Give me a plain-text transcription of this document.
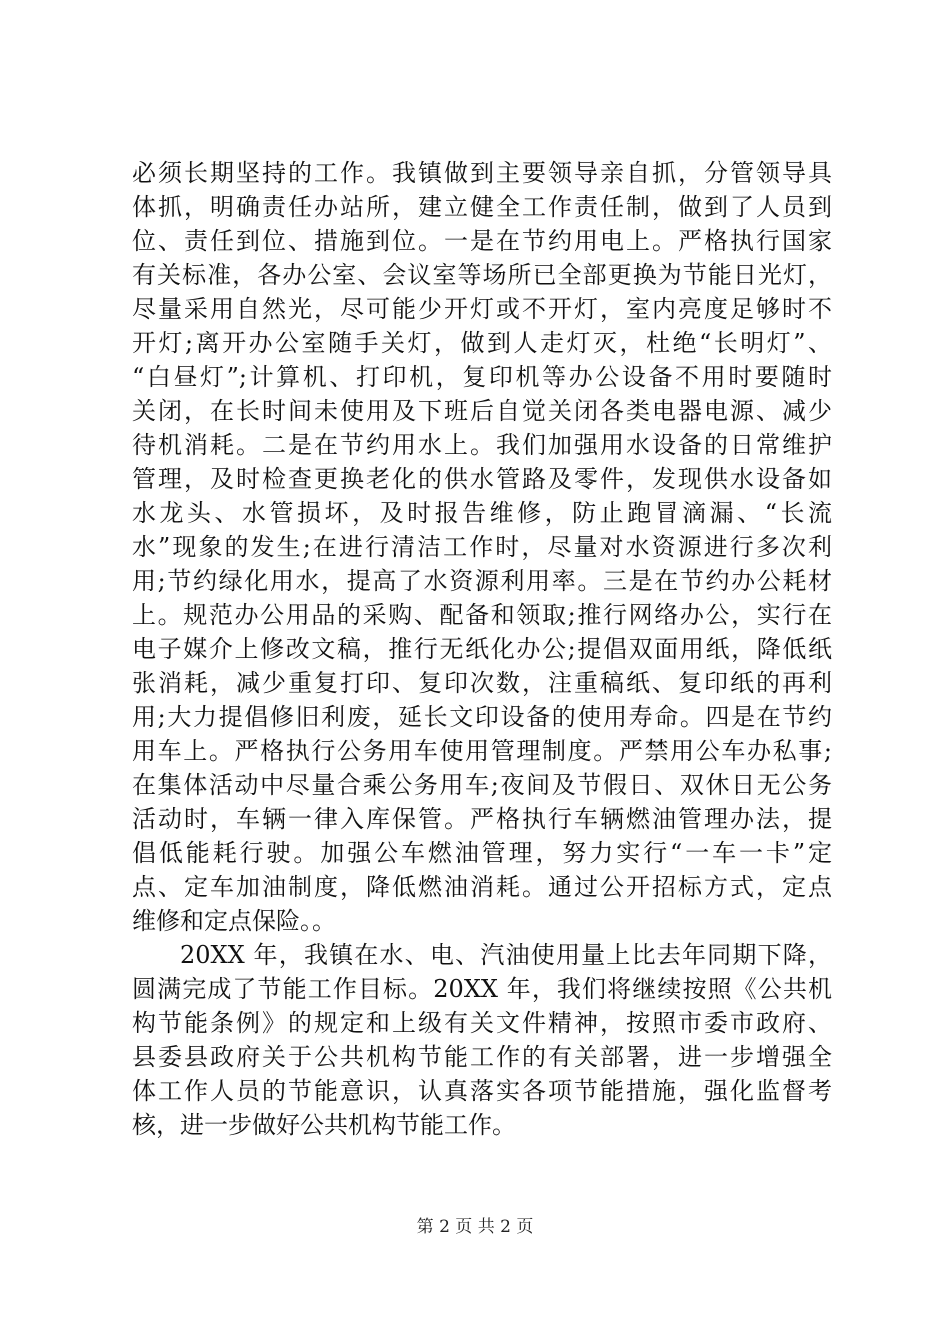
必须长期坚持的工作。我镇做到主要领导亲自抓，分管领导具
体抓，明确责任办站所，建立健全工作责任制，做到了人员到
位、责任到位、措施到位。一是在节约用电上。严格执行国家
有关标准，各办公室、会议室等场所已全部更换为节能日光灯，
尽量采用自然光，尽可能少开灯或不开灯，室内亮度足够时不
开灯;离开办公室随手关灯，做到人走灯灭，杜绝“长明灯”、
“白昼灯”;计算机、打印机，复印机等办公设备不用时要随时
关闭，在长时间未使用及下班后自觉关闭各类电器电源、减少
待机消耗。二是在节约用水上。我们加强用水设备的日常维护
管理，及时检查更换老化的供水管路及零件，发现供水设备如
水龙头、水管损坏，及时报告维修，防止跑冒滴漏、“长流
水”现象的发生;在进行清洁工作时，尽量对水资源进行多次利
用;节约绿化用水，提高了水资源利用率。三是在节约办公耗材
上。规范办公用品的采购、配备和领取;推行网络办公，实行在
电子媒介上修改文稿，推行无纸化办公;提倡双面用纸，降低纸
张消耗，减少重复打印、复印次数，注重稿纸、复印纸的再利
用;大力提倡修旧利废，延长文印设备的使用寿命。四是在节约
用车上。严格执行公务用车使用管理制度。严禁用公车办私事;
在集体活动中尽量合乘公务用车;夜间及节假日、双休日无公务
活动时，车辆一律入库保管。严格执行车辆燃油管理办法，提
倡低能耗行驶。加强公车燃油管理，努力实行“一车一卡”定
点、定车加油制度，降低燃油消耗。通过公开招标方式，定点
维修和定点保险。。
20XX 年，我镇在水、电、汽油使用量上比去年同期下降，
圆满完成了节能工作目标。20XX 年，我们将继续按照《公共机
构节能条例》的规定和上级有关文件精神，按照市委市政府、
县委县政府关于公共机构节能工作的有关部署，进一步增强全
体工作人员的节能意识，认真落实各项节能措施，强化监督考
核，进一步做好公共机构节能工作。
第 2 页 共 2 页
